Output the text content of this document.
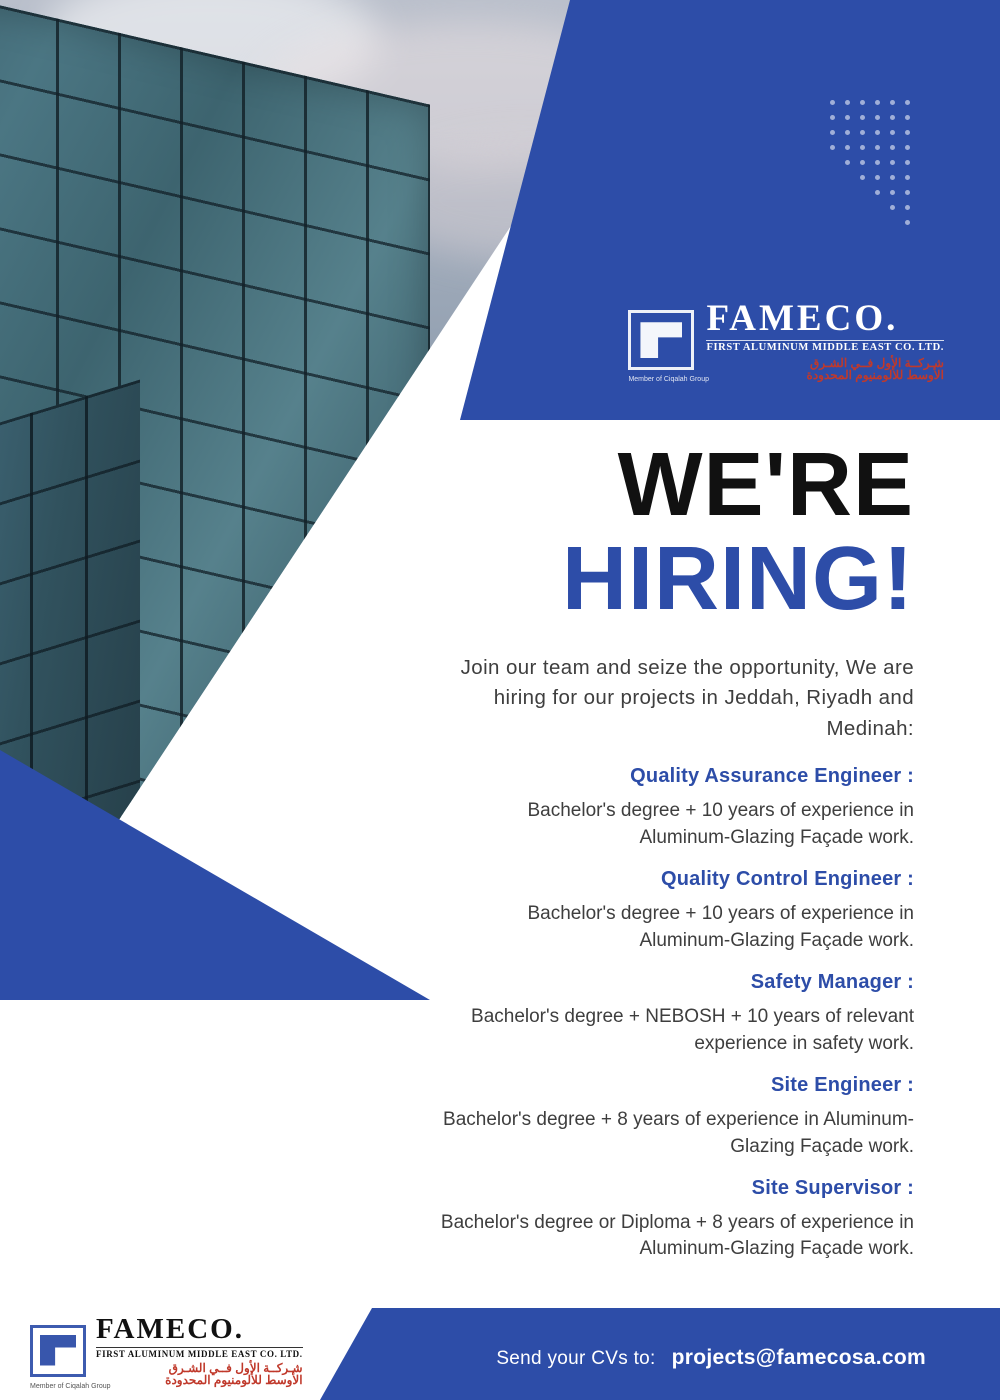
Member of Ciqalah Group
FAMECO.
FIRST ALUMINUM MIDDLE EAST CO. LTD.
شـركــة الأول فــي الشـرق
الأوسط للألومنيوم المحدودة
WE'RE
HIRING!

Join our team and seize the opportunity, We are hiring for our projects in Jeddah, Riyadh and Medinah:

Quality Assurance Engineer :
Bachelor's degree + 10 years of experience in Aluminum-Glazing Façade work.
Quality Control Engineer :
Bachelor's degree + 10 years of experience in Aluminum-Glazing Façade work.
Safety Manager :
Bachelor's degree + NEBOSH + 10 years of relevant experience in safety work.
Site Engineer :
Bachelor's degree + 8 years of experience in Aluminum-Glazing Façade work.
Site Supervisor :
Bachelor's degree or Diploma + 8 years of experience in Aluminum-Glazing Façade work.
Member of Ciqalah Group
FAMECO.
FIRST ALUMINUM MIDDLE EAST CO. LTD.
شـركــة الأول فــي الشـرق
الأوسط للألومنيوم المحدودة
Send your CVs to: projects@famecosa.com
